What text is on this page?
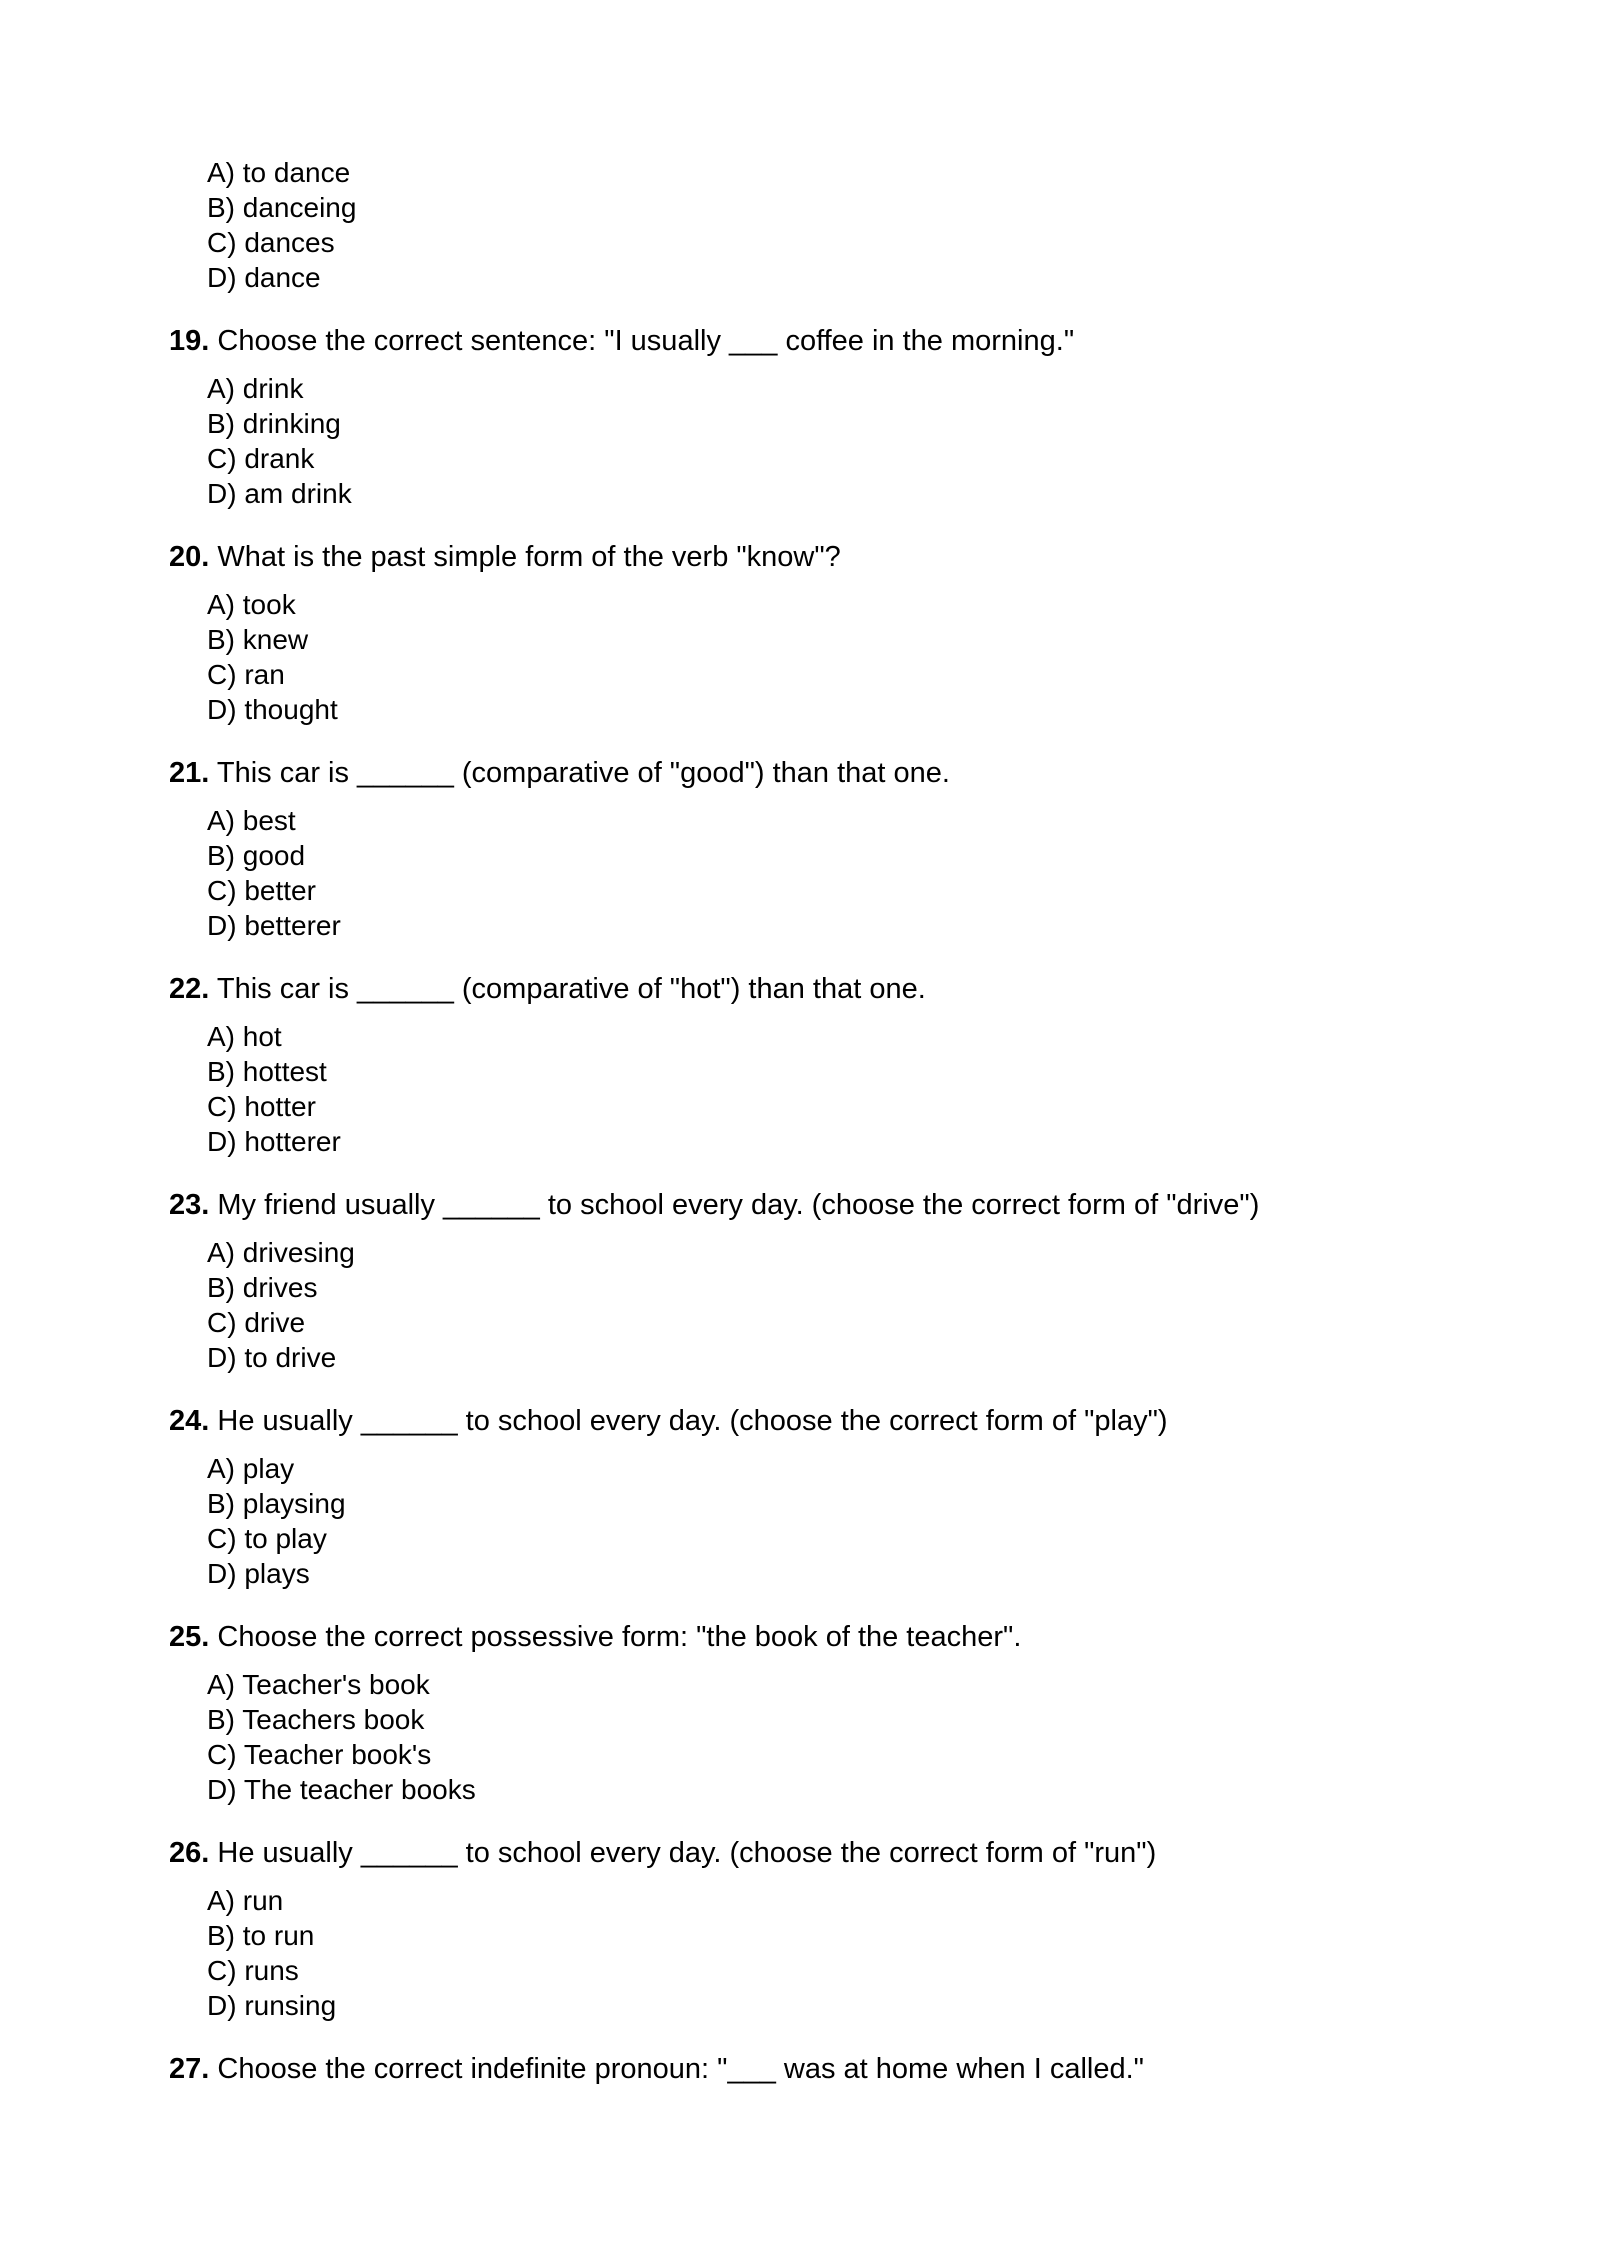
A) to dance
B) danceing
C) dances
D) dance
19. Choose the correct sentence: "I usually ___ coffee in the morning."
A) drink
B) drinking
C) drank
D) am drink
20. What is the past simple form of the verb "know"?
A) took
B) knew
C) ran
D) thought
21. This car is ______ (comparative of "good") than that one.
A) best
B) good
C) better
D) betterer
22. This car is ______ (comparative of "hot") than that one.
A) hot
B) hottest
C) hotter
D) hotterer
23. My friend usually ______ to school every day. (choose the correct form of "drive")
A) drivesing
B) drives
C) drive
D) to drive
24. He usually ______ to school every day. (choose the correct form of "play")
A) play
B) playsing
C) to play
D) plays
25. Choose the correct possessive form: "the book of the teacher".
A) Teacher's book
B) Teachers book
C) Teacher book's
D) The teacher books
26. He usually ______ to school every day. (choose the correct form of "run")
A) run
B) to run
C) runs
D) runsing
27. Choose the correct indefinite pronoun: "___ was at home when I called."
